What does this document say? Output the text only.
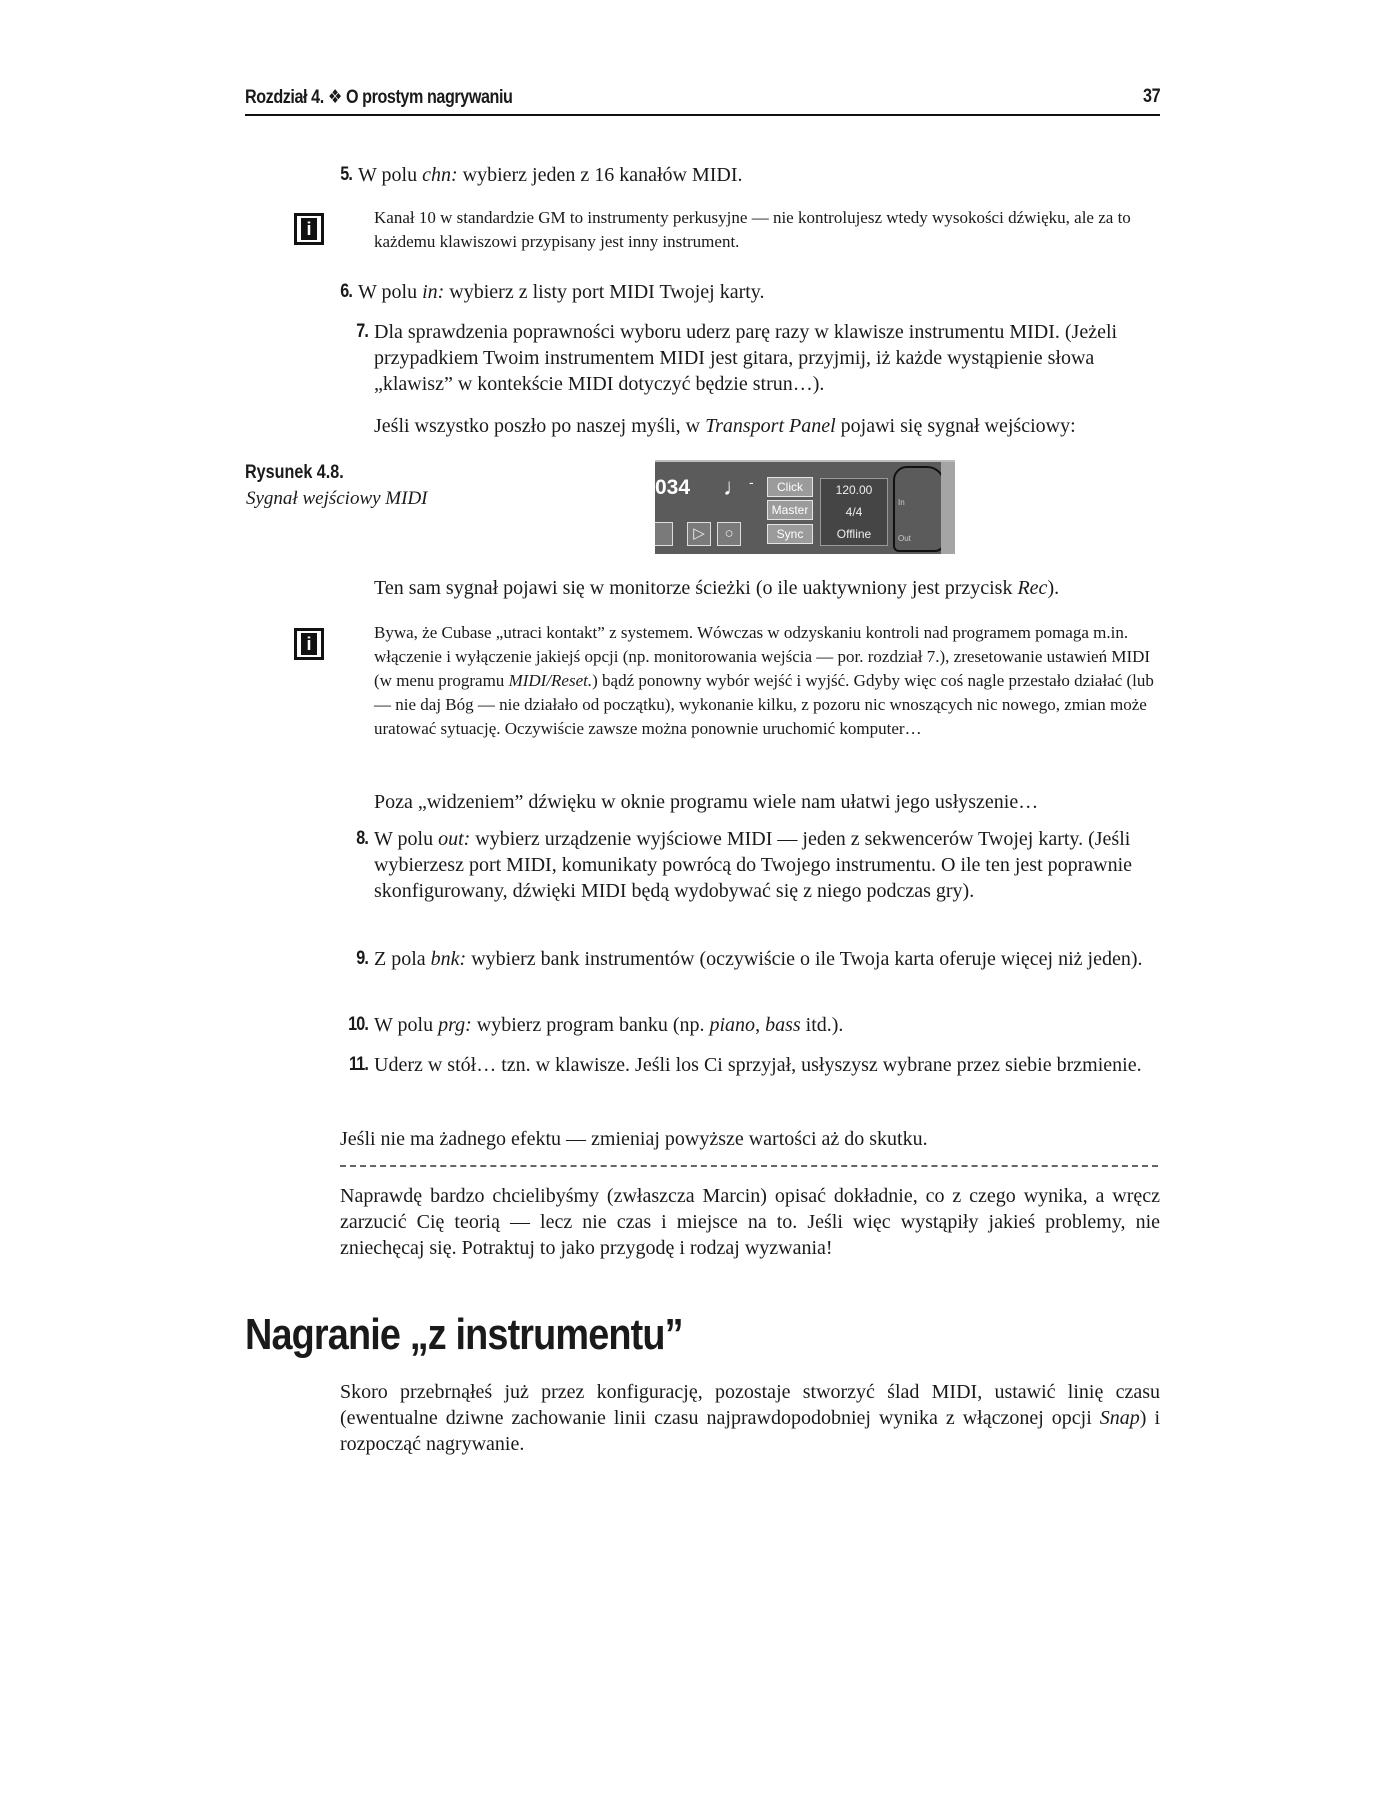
Rozdział 4. ❖ O prostym nagrywaniu	37
5. W polu chn: wybierz jeden z 16 kanałów MIDI.
i
Kanał 10 w standardzie GM to instrumenty perkusyjne — nie kontrolujesz wtedy wysokości dźwięku, ale za to każdemu klawiszowi przypisany jest inny instrument.
6. W polu in: wybierz z listy port MIDI Twojej karty.
7. Dla sprawdzenia poprawności wyboru uderz parę razy w klawisze instrumentu MIDI. (Jeżeli przypadkiem Twoim instrumentem MIDI jest gitara, przyjmij, iż każde wystąpienie słowa „klawisz” w kontekście MIDI dotyczyć będzie strun…).
Jeśli wszystko poszło po naszej myśli, w Transport Panel pojawi się sygnał wejściowy:
Rysunek 4.8.
Sygnał wejściowy MIDI	034 ♩ -
▷	○
Click
Master
Sync
120.00
4/4
Offline
In
Out
Ten sam sygnał pojawi się w monitorze ścieżki (o ile uaktywniony jest przycisk Rec).
i
Bywa, że Cubase „utraci kontakt” z systemem. Wówczas w odzyskaniu kontroli nad programem pomaga m.in. włączenie i wyłączenie jakiejś opcji (np. monitorowania wejścia — por. rozdział 7.), zresetowanie ustawień MIDI (w menu programu MIDI/Reset.) bądź ponowny wybór wejść i wyjść. Gdyby więc coś nagle przestało działać (lub — nie daj Bóg — nie działało od początku), wykonanie kilku, z pozoru nic wnoszących nic nowego, zmian może uratować sytuację. Oczywiście zawsze można ponownie uruchomić komputer…
Poza „widzeniem” dźwięku w oknie programu wiele nam ułatwi jego usłyszenie…
8. W polu out: wybierz urządzenie wyjściowe MIDI — jeden z sekwencerów Twojej karty. (Jeśli wybierzesz port MIDI, komunikaty powrócą do Twojego instrumentu. O ile ten jest poprawnie skonfigurowany, dźwięki MIDI będą wydobywać się z niego podczas gry).
9. Z pola bnk: wybierz bank instrumentów (oczywiście o ile Twoja karta oferuje więcej niż jeden).
10. W polu prg: wybierz program banku (np. piano, bass itd.).
11. Uderz w stół… tzn. w klawisze. Jeśli los Ci sprzyjał, usłyszysz wybrane przez siebie brzmienie.
Jeśli nie ma żadnego efektu — zmieniaj powyższe wartości aż do skutku.
Naprawdę bardzo chcielibyśmy (zwłaszcza Marcin) opisać dokładnie, co z czego wynika, a wręcz zarzucić Cię teorią — lecz nie czas i miejsce na to. Jeśli więc wystąpiły jakieś problemy, nie zniechęcaj się. Potraktuj to jako przygodę i rodzaj wyzwania!
Nagranie „z instrumentu”
Skoro przebrnąłeś już przez konfigurację, pozostaje stworzyć ślad MIDI, ustawić linię czasu (ewentualne dziwne zachowanie linii czasu najprawdopodobniej wynika z włączonej opcji Snap) i rozpocząć nagrywanie.
